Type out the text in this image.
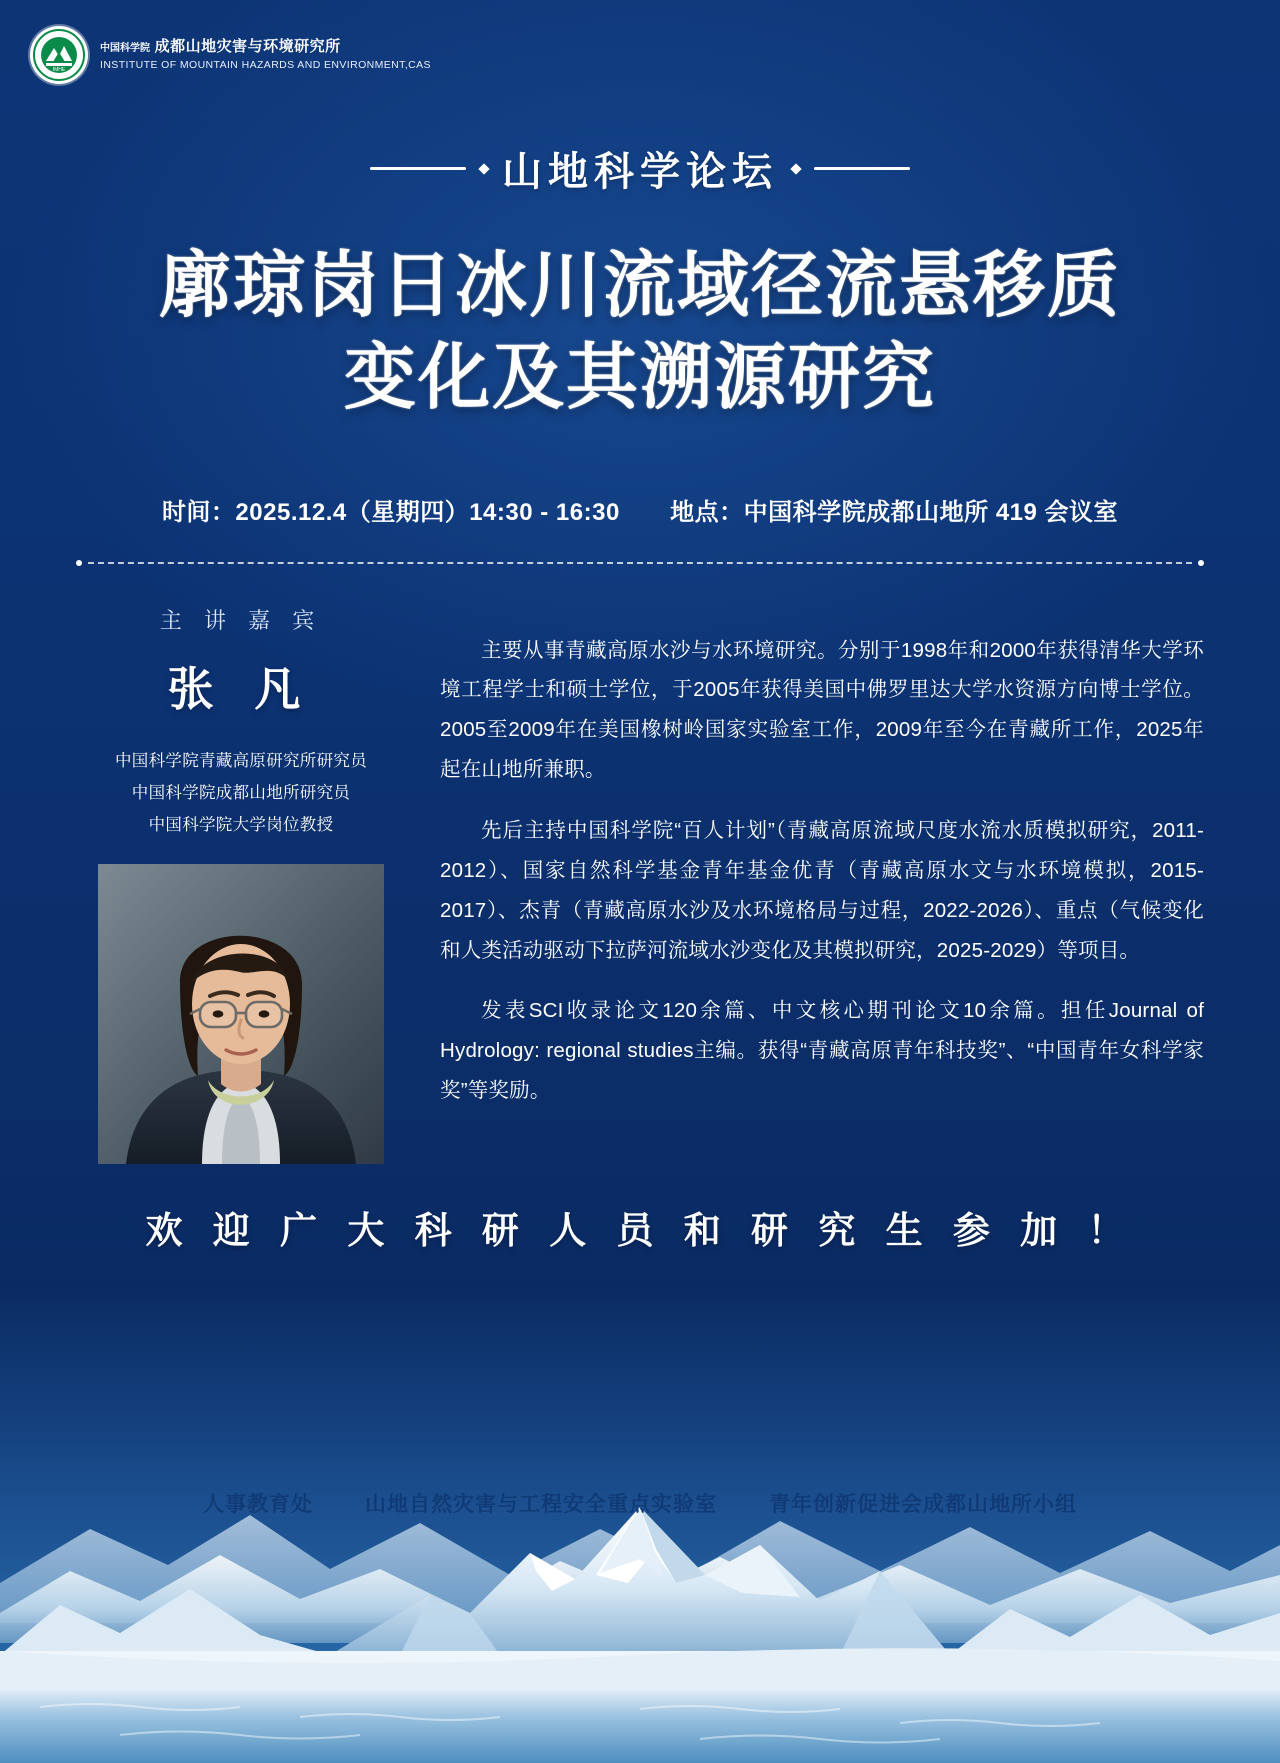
IMHE
中国科学院 成都山地灾害与环境研究所
INSTITUTE OF MOUNTAIN HAZARDS AND ENVIRONMENT,CAS
山地科学论坛
廓琼岗日冰川流域径流悬移质
变化及其溯源研究
时间：2025.12.4（星期四）14:30 - 16:30 地点：中国科学院成都山地所 419 会议室
主 讲 嘉 宾
张 凡
中国科学院青藏高原研究所研究员
中国科学院成都山地所研究员
中国科学院大学岗位教授

主要从事青藏高原水沙与水环境研究。分别于1998年和2000年获得清华大学环境工程学士和硕士学位，于2005年获得美国中佛罗里达大学水资源方向博士学位。2005至2009年在美国橡树岭国家实验室工作，2009年至今在青藏所工作，2025年起在山地所兼职。

先后主持中国科学院“百人计划”（青藏高原流域尺度水流水质模拟研究，2011-2012）、国家自然科学基金青年基金优青（青藏高原水文与水环境模拟，2015-2017）、杰青（青藏高原水沙及水环境格局与过程，2022-2026）、重点（气候变化和人类活动驱动下拉萨河流域水沙变化及其模拟研究，2025-2029）等项目。

发表SCI收录论文120余篇、中文核心期刊论文10余篇。担任Journal of Hydrology: regional studies主编。获得“青藏高原青年科技奖”、“中国青年女科学家奖”等奖励。

欢 迎 广 大 科 研 人 员 和 研 究 生 参 加 ！
人事教育处 山地自然灾害与工程安全重点实验室 青年创新促进会成都山地所小组
